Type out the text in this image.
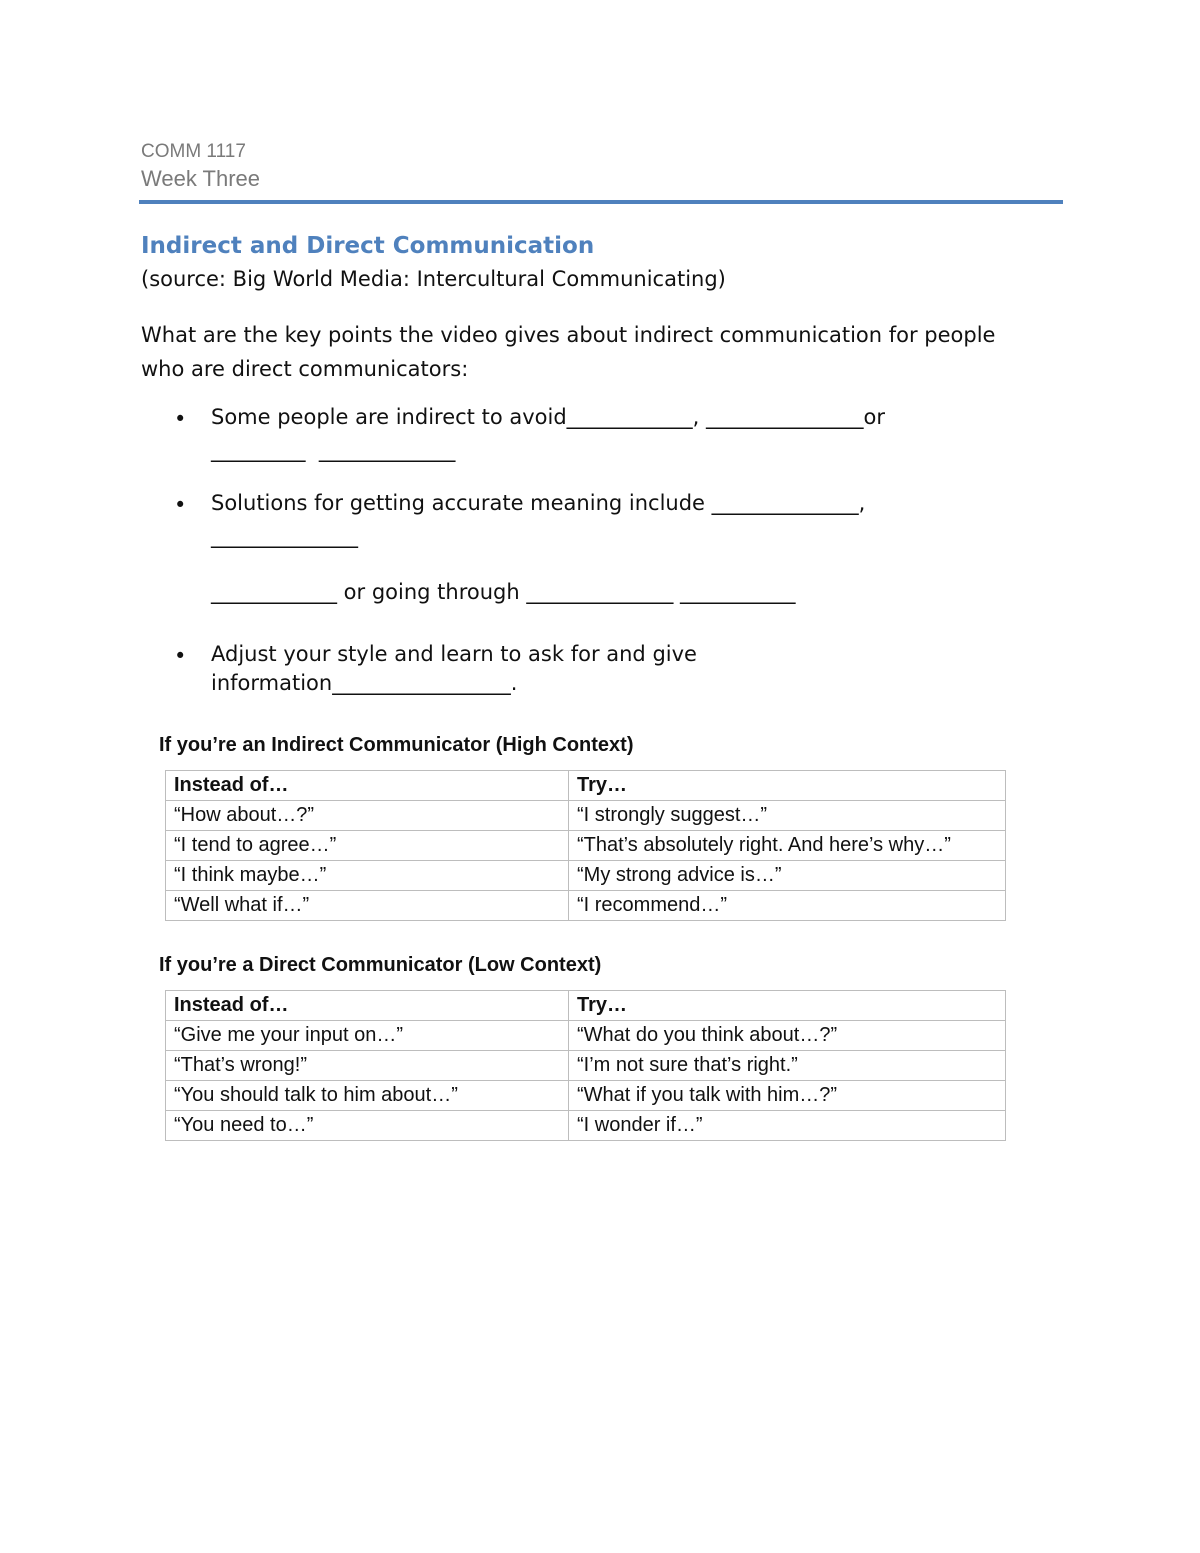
COMM 1117
Week Three
Indirect and Direct Communication
(source: Big World Media: Intercultural Communicating)
What are the key points the video gives about indirect communication for people who are direct communicators:
• Some people are indirect to avoid____________, _______________or
_________  _____________
• Solutions for getting accurate meaning include ______________,
______________
____________ or going through ______________ ___________
• Adjust your style and learn to ask for and give
information_________________.
If you’re an Indirect Communicator (High Context)
Instead of…	Try…
“How about…?”	“I strongly suggest…”
“I tend to agree…”	“That’s absolutely right. And here’s why…”
“I think maybe…”	“My strong advice is…”
“Well what if…”	“I recommend…”
If you’re a Direct Communicator (Low Context)
Instead of…	Try…
“Give me your input on…”	“What do you think about…?”
“That’s wrong!”	“I’m not sure that’s right.”
“You should talk to him about…”	“What if you talk with him…?”
“You need to…”	“I wonder if…”
